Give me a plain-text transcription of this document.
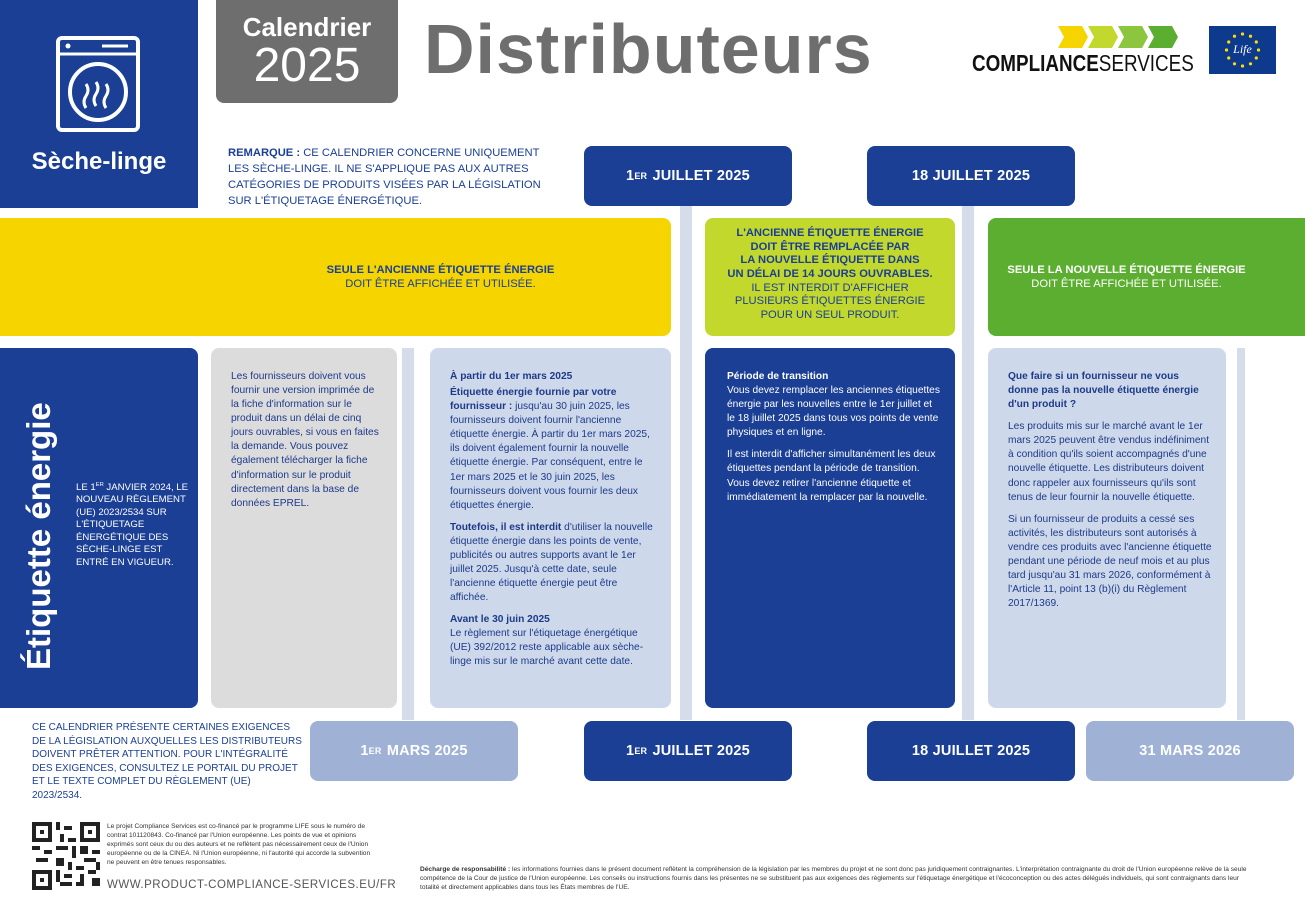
Sèche-linge
Calendrier
2025 Distributeurs	COMPLIANCESERVICES
Life
REMARQUE : CE CALENDRIER CONCERNE UNIQUEMENT LES SÈCHE-LINGE. IL NE S'APPLIQUE PAS AUX AUTRES CATÉGORIES DE PRODUITS VISÉES PAR LA LÉGISLATION SUR L'ÉTIQUETAGE ÉNERGÉTIQUE.
1 ER
JUILLET 2025	18 JUILLET 2025
SEULE L'ANCIENNE ÉTIQUETTE ÉNERGIE
DOIT ÊTRE AFFICHÉE ET UTILISÉE.
L'ANCIENNE ÉTIQUETTE ÉNERGIE
DOIT ÊTRE REMPLACÉE PAR
LA NOUVELLE ÉTIQUETTE DANS
UN DÉLAI DE 14 JOURS OUVRABLES.
IL EST INTERDIT D'AFFICHER
PLUSIEURS ÉTIQUETTES ÉNERGIE
POUR UN SEUL PRODUIT.
SEULE LA NOUVELLE ÉTIQUETTE ÉNERGIE
DOIT ÊTRE AFFICHÉE ET UTILISÉE.
Étiquette énergie LE 1ER JANVIER 2024, LE NOUVEAU RÈGLEMENT (UE) 2023/2534 SUR L'ÉTIQUETAGE ÉNERGÉTIQUE DES SÈCHE-LINGE EST ENTRÉ EN VIGUEUR.
Les fournisseurs doivent vous fournir une version imprimée de la fiche d'information sur le produit dans un délai de cinq jours ouvrables, si vous en faites la demande. Vous pouvez également télécharger la fiche d'information sur le produit directement dans la base de données EPREL.

À partir du 1er mars 2025

Étiquette énergie fournie par votre fournisseur : jusqu'au 30 juin 2025, les fournisseurs doivent fournir l'ancienne étiquette énergie. À partir du 1er mars 2025, ils doivent également fournir la nouvelle étiquette énergie. Par conséquent, entre le 1er mars 2025 et le 30 juin 2025, les fournisseurs doivent vous fournir les deux étiquettes énergie.

Toutefois, il est interdit d'utiliser la nouvelle étiquette énergie dans les points de vente, publicités ou autres supports avant le 1er juillet 2025. Jusqu'à cette date, seule l'ancienne étiquette énergie peut être affichée.

Avant le 30 juin 2025

Le règlement sur l'étiquetage énergétique (UE) 392/2012 reste applicable aux sèche-linge mis sur le marché avant cette date.

Période de transition

Vous devez remplacer les anciennes étiquettes énergie par les nouvelles entre le 1er juillet et le 18 juillet 2025 dans tous vos points de vente physiques et en ligne.

Il est interdit d'afficher simultanément les deux étiquettes pendant la période de transition. Vous devez retirer l'ancienne étiquette et immédiatement la remplacer par la nouvelle.

Que faire si un fournisseur ne vous donne pas la nouvelle étiquette énergie d'un produit ?

Les produits mis sur le marché avant le 1er mars 2025 peuvent être vendus indéfiniment à condition qu'ils soient accompagnés d'une nouvelle étiquette. Les distributeurs doivent donc rappeler aux fournisseurs qu'ils sont tenus de leur fournir la nouvelle étiquette.

Si un fournisseur de produits a cessé ses activités, les distributeurs sont autorisés à vendre ces produits avec l'ancienne étiquette pendant une période de neuf mois et au plus tard jusqu'au 31 mars 2026, conformément à l'Article 11, point 13 (b)(i) du Règlement 2017/1369.

CE CALENDRIER PRÉSENTE CERTAINES EXIGENCES DE LA LÉGISLATION AUXQUELLES LES DISTRIBUTEURS DOIVENT PRÊTER ATTENTION. POUR L'INTÉGRALITÉ DES EXIGENCES, CONSULTEZ LE PORTAIL DU PROJET ET LE TEXTE COMPLET DU RÈGLEMENT (UE) 2023/2534.
1 ER
MARS 2025	1 ER
JUILLET 2025	18 JUILLET 2025	31 MARS 2026
Le projet Compliance Services est co-financé par le programme LIFE sous le numéro de contrat 101120843. Co-financé par l'Union européenne. Les points de vue et opinions exprimés sont ceux du ou des auteurs et ne reflètent pas nécessairement ceux de l'Union européenne ou de la CINEA. Ni l'Union européenne, ni l'autorité qui accorde la subvention ne peuvent en être tenues responsables.
WWW.PRODUCT-COMPLIANCE-SERVICES.EU/FR
Décharge de responsabilité : les informations fournies dans le présent document reflètent la compréhension de la législation par les membres du projet et ne sont donc pas juridiquement contraignantes. L'interprétation contraignante du droit de l'Union européenne relève de la seule compétence de la Cour de justice de l'Union européenne. Les conseils ou instructions fournis dans les présentes ne se substituent pas aux exigences des règlements sur l'étiquetage énergétique et l'écoconception ou des actes délégués individuels, qui sont contraignants dans leur totalité et directement applicables dans tous les États membres de l'UE.
